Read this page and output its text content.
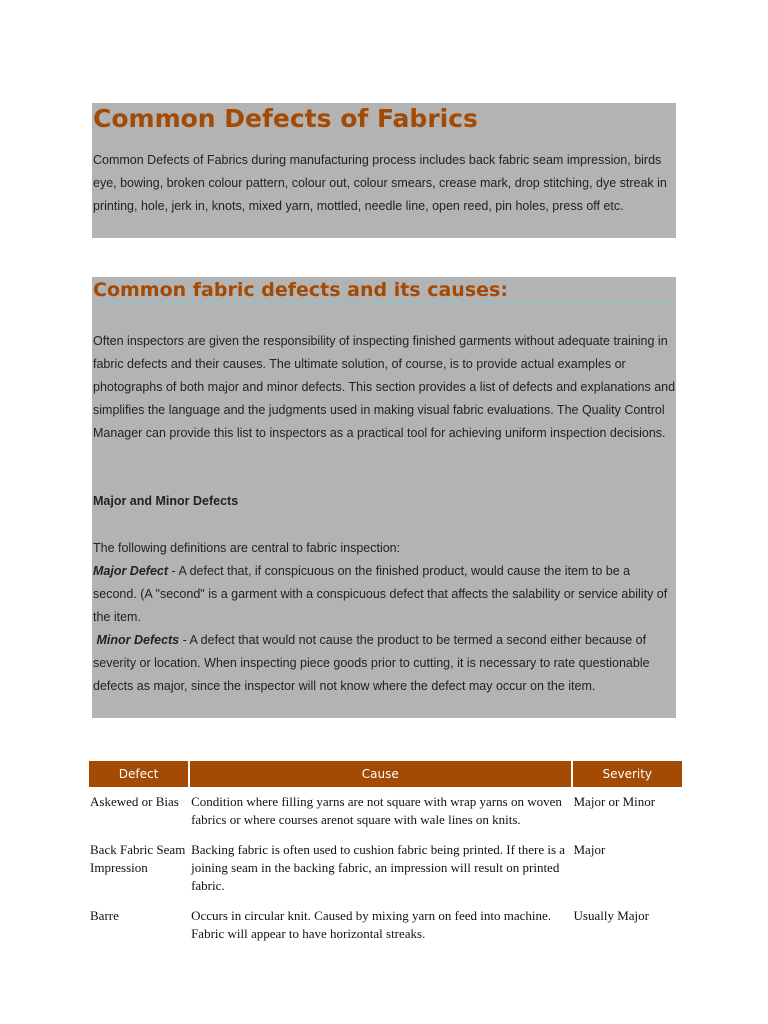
Common Defects of Fabrics

Common Defects of Fabrics during manufacturing process includes back fabric seam impression, birds eye, bowing, broken colour pattern, colour out, colour smears, crease mark, drop stitching, dye streak in printing, hole, jerk in, knots, mixed yarn, mottled, needle line, open reed, pin holes, press off etc.

Common fabric defects and its causes:

Often inspectors are given the responsibility of inspecting finished garments without adequate training in fabric defects and their causes. The ultimate solution, of course, is to provide actual examples or photographs of both major and minor defects. This section provides a list of defects and explanations and simplifies the language and the judgments used in making visual fabric evaluations. The Quality Control Manager can provide this list to inspectors as a practical tool for achieving uniform inspection decisions.

Major and Minor Defects

The following definitions are central to fabric inspection:
Major Defect - A defect that, if conspicuous on the finished product, would cause the item to be a second. (A "second" is a garment with a conspicuous defect that affects the salability or service ability of the item.
Minor Defects - A defect that would not cause the product to be termed a second either because of severity or location. When inspecting piece goods prior to cutting, it is necessary to rate questionable defects as major, since the inspector will not know where the defect may occur on the item.
Defect	Cause	Severity
Askewed or Bias	Condition where filling yarns are not square with wrap yarns on woven fabrics or where courses arenot square with wale lines on knits.	Major or Minor
Back Fabric Seam Impression	Backing fabric is often used to cushion fabric being printed. If there is a joining seam in the backing fabric, an impression will result on printed fabric.	Major
Barre	Occurs in circular knit. Caused by mixing yarn on feed into machine. Fabric will appear to have horizontal streaks.	Usually Major
